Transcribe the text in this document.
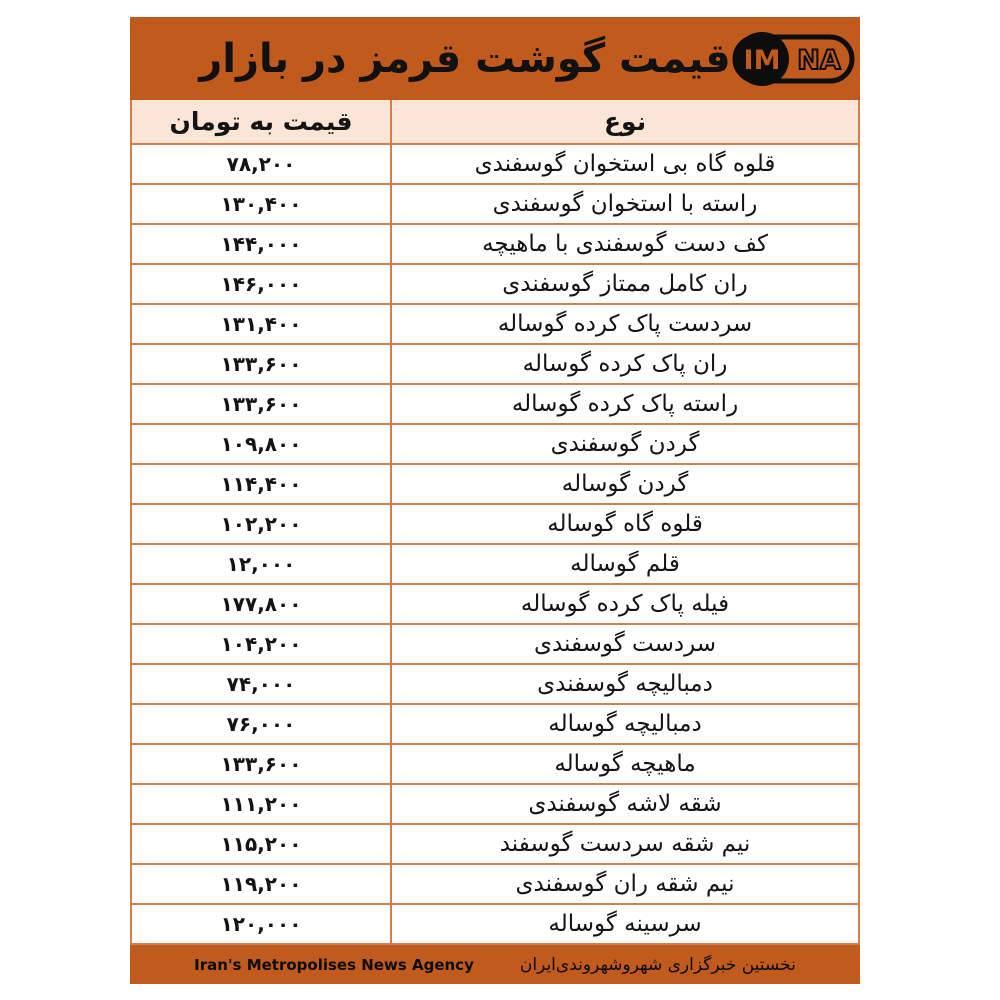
قیمت گوشت قرمز در بازار IM NA
قیمت به تومان	نوع
۷۸,۲۰۰	قلوه گاه بی استخوان گوسفندی
۱۳۰,۴۰۰	راسته با استخوان گوسفندی
۱۴۴,۰۰۰	کف دست گوسفندی با ماهیچه
۱۴۶,۰۰۰	ران کامل ممتاز گوسفندی
۱۳۱,۴۰۰	سردست پاک کرده گوساله
۱۳۳,۶۰۰	ران پاک کرده گوساله
۱۳۳,۶۰۰	راسته پاک کرده گوساله
۱۰۹,۸۰۰	گردن گوسفندی
۱۱۴,۴۰۰	گردن گوساله
۱۰۲,۲۰۰	قلوه گاه گوساله
۱۲,۰۰۰	قلم گوساله
۱۷۷,۸۰۰	فیله پاک کرده گوساله
۱۰۴,۲۰۰	سردست گوسفندی
۷۴,۰۰۰	دمبالیچه گوسفندی
۷۶,۰۰۰	دمبالیچه گوساله
۱۳۳,۶۰۰	ماهیچه گوساله
۱۱۱,۲۰۰	شقه لاشه گوسفندی
۱۱۵,۲۰۰	نیم شقه سردست گوسفند
۱۱۹,۲۰۰	نیم شقه ران گوسفندی
۱۲۰,۰۰۰	سرسینه گوساله
Iran's Metropolises News Agency	نخستین خبرگزاری شهروشهروندی‌ایران
